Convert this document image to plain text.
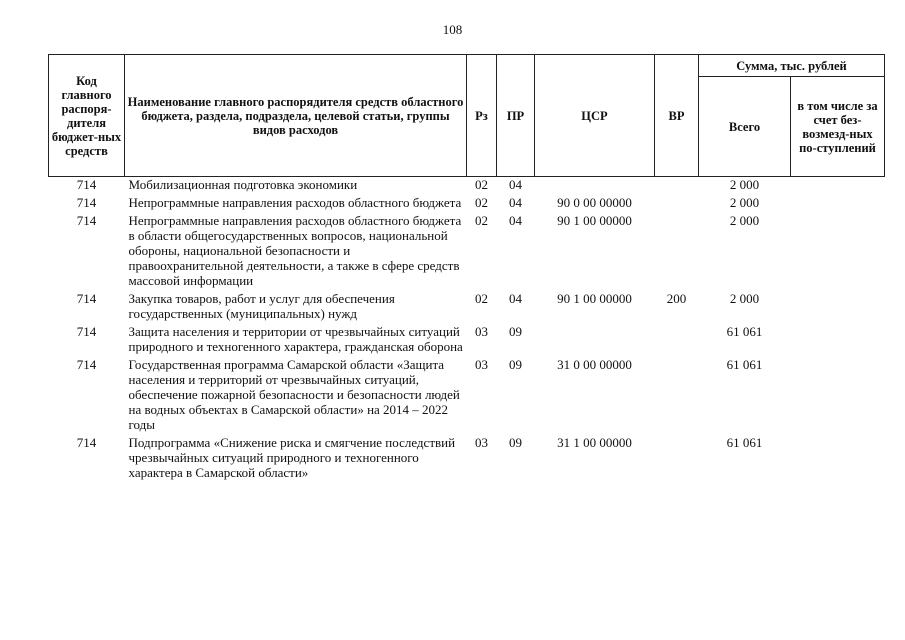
108
Код главного распоря-дителя бюджет-ных средств	Наименование главного распорядителя средств областного бюджета, раздела, подраздела, целевой статьи, группы видов расходов	Рз	ПР	ЦСР	ВР	Сумма, тыс. рублей	
						Всего	в том числе за счет без-возмезд-ных по-ступлений
714	Мобилизационная подготовка экономики	02	04			2 000	
714	Непрограммные направления расходов областного бюджета	02	04	90 0 00 00000		2 000	
714	Непрограммные направления расходов областного бюджета в области общегосударственных вопросов, национальной обороны, национальной безопасности и правоохранительной деятельности, а также в сфере средств массовой информации	02	04	90 1 00 00000		2 000	
714	Закупка товаров, работ и услуг для обеспечения государственных (муниципальных) нужд	02	04	90 1 00 00000	200	2 000	
714	Защита населения и территории от чрезвычайных ситуаций природного и техногенного характера, гражданская оборона	03	09			61 061	
714	Государственная программа Самарской области «Защита населения и территорий от чрезвычайных ситуаций, обеспечение пожарной безопасности и безопасности людей на водных объектах в Самарской области» на 2014 – 2022 годы	03	09	31 0 00 00000		61 061	
714	Подпрограмма «Снижение риска и смягчение последствий чрезвычайных ситуаций природного и техногенного характера в Самарской области»	03	09	31 1 00 00000		61 061	
